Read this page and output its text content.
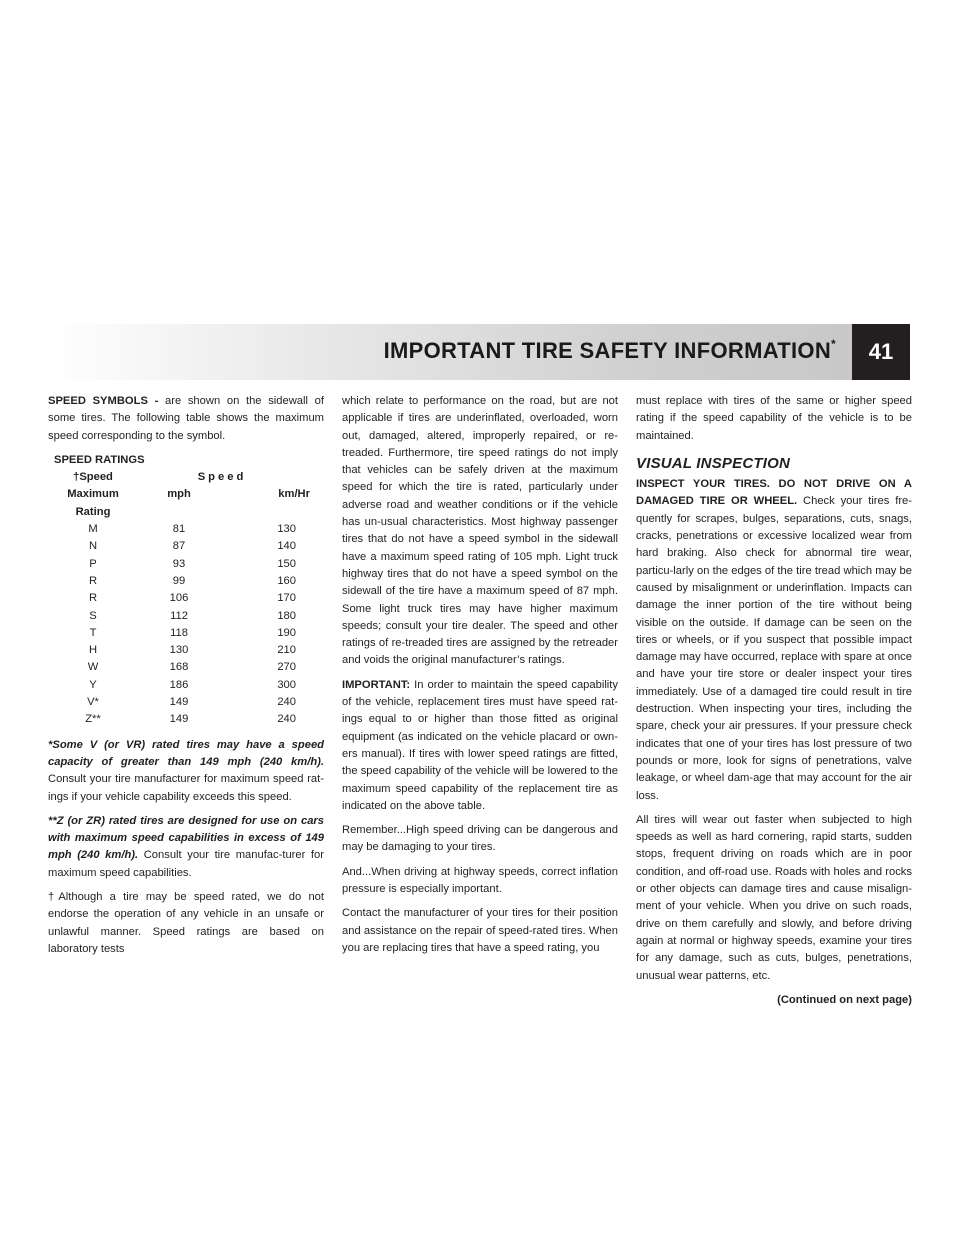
IMPORTANT TIRE SAFETY INFORMATION*	41

SPEED SYMBOLS - are shown on the sidewall of some tires. The following table shows the maximum speed corresponding to the symbol.

SPEED RATINGS		
†Speed	Speed	
Maximum	mph	km/Hr
Rating		
M	81	130
N	87	140
P	93	150
R	99	160
R	106	170
S	112	180
T	118	190
H	130	210
W	168	270
Y	186	300
V*	149	240
Z**	149	240

*Some V (or VR) rated tires may have a speed capacity of greater than 149 mph (240 km/h). Consult your tire manufacturer for maximum speed rat-ings if your vehicle capability exceeds this speed.

**Z (or ZR) rated tires are designed for use on cars with maximum speed capabilities in excess of 149 mph (240 km/h). Consult your tire manufac-turer for maximum speed capabilities.

†Although a tire may be speed rated, we do not endorse the operation of any vehicle in an unsafe or unlawful manner. Speed ratings are based on laboratory tests

which relate to performance on the road, but are not applicable if tires are underinflated, overloaded, worn out, damaged, altered, improperly repaired, or re-treaded. Furthermore, tire speed ratings do not imply that vehicles can be safely driven at the maximum speed for which the tire is rated, particularly under adverse road and weather conditions or if the vehicle has un-usual characteristics. Most highway passenger tires that do not have a speed symbol in the sidewall have a maximum speed rating of 105 mph. Light truck highway tires that do not have a speed symbol on the sidewall of the tire have a maximum speed of 87 mph. Some light truck tires may have higher maximum speeds; consult your tire dealer. The speed and other ratings of re-treaded tires are assigned by the retreader and voids the original manufacturer’s ratings.

IMPORTANT: In order to maintain the speed capability of the vehicle, replacement tires must have speed rat-ings equal to or higher than those fitted as original equipment (as indicated on the vehicle placard or own-ers manual). If tires with lower speed ratings are fitted, the speed capability of the vehicle will be lowered to the maximum speed capability of the replacement tire as indicated on the above table.

Remember...High speed driving can be dangerous and may be damaging to your tires.

And...When driving at highway speeds, correct inflation pressure is especially important.

Contact the manufacturer of your tires for their position and assistance on the repair of speed-rated tires. When you are replacing tires that have a speed rating, you

must replace with tires of the same or higher speed rating if the speed capability of the vehicle is to be maintained.

VISUAL INSPECTION

INSPECT YOUR TIRES. DO NOT DRIVE ON A DAMAGED TIRE OR WHEEL. Check your tires fre-quently for scrapes, bulges, separations, cuts, snags, cracks, penetrations or excessive localized wear from hard braking. Also check for abnormal tire wear, particu-larly on the edges of the tire tread which may be caused by misalignment or underinflation. Impacts can damage the inner portion of the tire without being visible on the outside. If damage can be seen on the tires or wheels, or if you suspect that possible impact damage may have occurred, replace with spare at once and have your tire store or dealer inspect your tires immediately. Use of a damaged tire could result in tire destruction. When inspecting your tires, including the spare, check your air pressures. If your pressure check indicates that one of your tires has lost pressure of two pounds or more, look for signs of penetrations, valve leakage, or wheel dam-age that may account for the air loss.

All tires will wear out faster when subjected to high speeds as well as hard cornering, rapid starts, sudden stops, frequent driving on roads which are in poor condition, and off-road use. Roads with holes and rocks or other objects can damage tires and cause misalign-ment of your vehicle. When you drive on such roads, drive on them carefully and slowly, and before driving again at normal or highway speeds, examine your tires for any damage, such as cuts, bulges, penetrations, unusual wear patterns, etc.

(Continued on next page)
